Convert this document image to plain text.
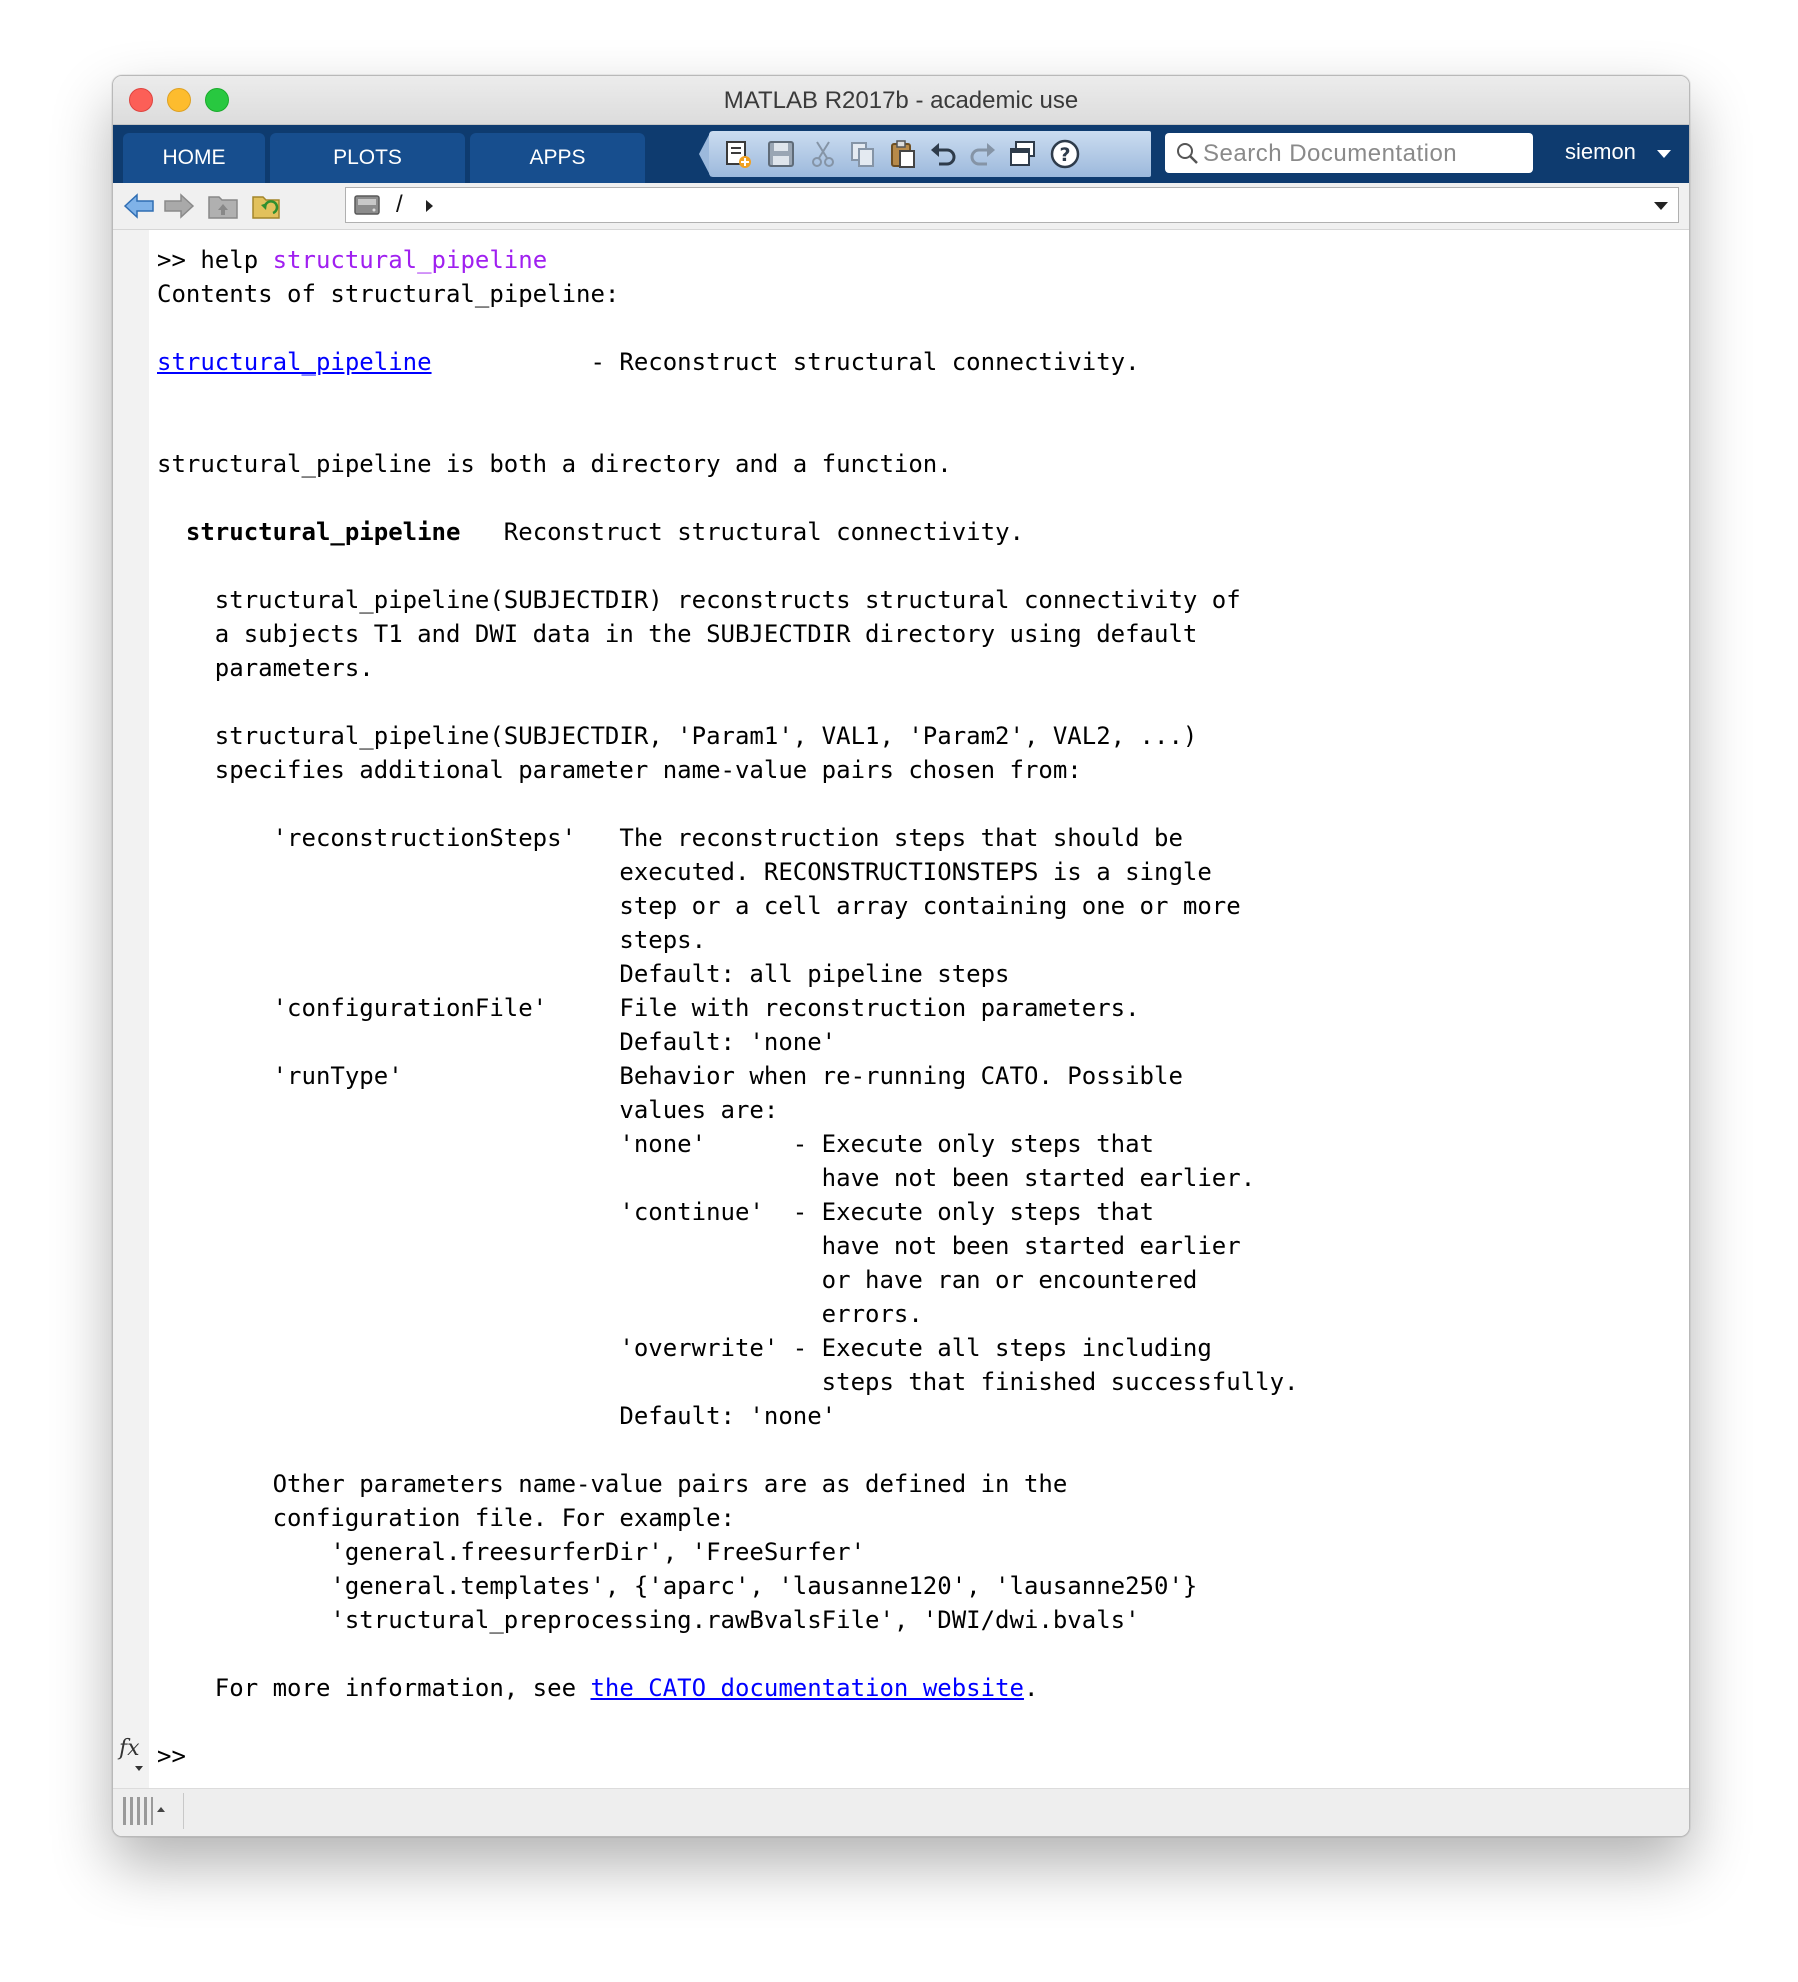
MATLAB R2017b - academic use
HOME	PLOTS	APPS	?	Search Documentation	siemon
/
>> help structural_pipeline
Contents of structural_pipeline:
structural_pipeline           - Reconstruct structural connectivity.
structural_pipeline is both a directory and a function.
structural_pipeline   Reconstruct structural connectivity.
structural_pipeline(SUBJECTDIR) reconstructs structural connectivity of
a subjects T1 and DWI data in the SUBJECTDIR directory using default
parameters.
structural_pipeline(SUBJECTDIR, 'Param1', VAL1, 'Param2', VAL2, ...)
specifies additional parameter name-value pairs chosen from:
'reconstructionSteps'   The reconstruction steps that should be
executed. RECONSTRUCTIONSTEPS is a single
step or a cell array containing one or more
steps.
Default: all pipeline steps
'configurationFile'     File with reconstruction parameters.
Default: 'none'
'runType'               Behavior when re-running CATO. Possible
values are:
'none'      - Execute only steps that
have not been started earlier.
'continue'  - Execute only steps that
have not been started earlier
or have ran or encountered
errors.
'overwrite' - Execute all steps including
steps that finished successfully.
Default: 'none'
Other parameters name-value pairs are as defined in the
configuration file. For example:
'general.freesurferDir', 'FreeSurfer'
'general.templates', {'aparc', 'lausanne120', 'lausanne250'}
'structural_preprocessing.rawBvalsFile', 'DWI/dwi.bvals'
For more information, see the CATO documentation website.
fx >>
